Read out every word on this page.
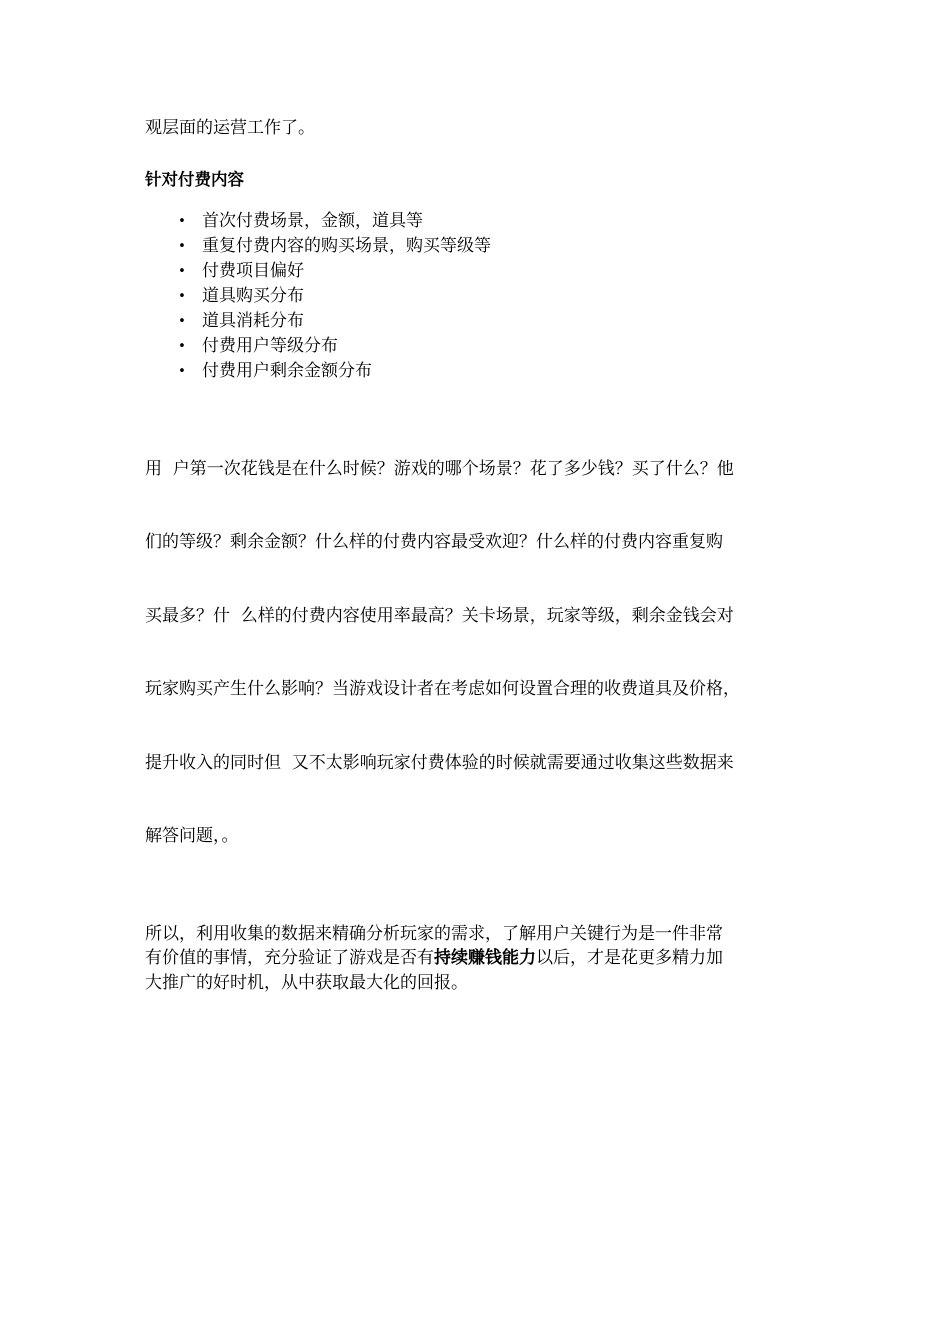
观层面的运营工作了。

针对付费内容

• 首次付费场景，金额，道具等
• 重复付费内容的购买场景，购买等级等
• 付费项目偏好
• 道具购买分布
• 道具消耗分布
• 付费用户等级分布
• 付费用户剩余金额分布

用  户第一次花钱是在什么时候？游戏的哪个场景？花了多少钱？买了什么？他

们的等级？剩余金额？什么样的付费内容最受欢迎？什么样的付费内容重复购

买最多？什  么样的付费内容使用率最高？关卡场景，玩家等级，剩余金钱会对

玩家购买产生什么影响？当游戏设计者在考虑如何设置合理的收费道具及价格，

提升收入的同时但  又不太影响玩家付费体验的时候就需要通过收集这些数据来

解答问题，。

所以，利用收集的数据来精确分析玩家的需求，了解用户关键行为是一件非常
有价值的事情，充分验证了游戏是否有持续赚钱能力以后，才是花更多精力加
大推广的好时机，从中获取最大化的回报。
